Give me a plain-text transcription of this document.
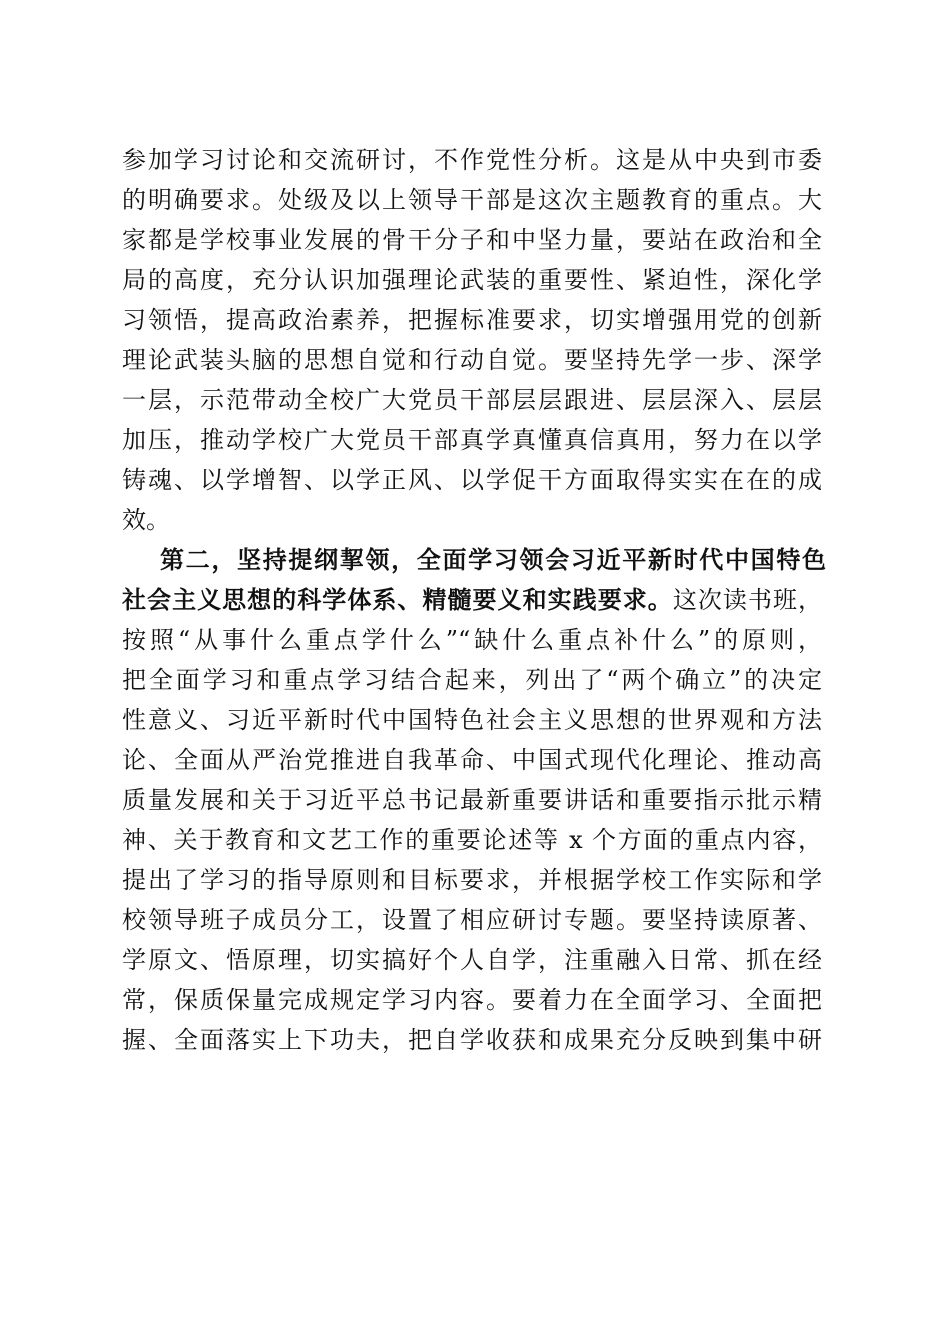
参加学习讨论和交流研讨，不作党性分析。这是从中央到市委
的明确要求。处级及以上领导干部是这次主题教育的重点。大
家都是学校事业发展的骨干分子和中坚力量，要站在政治和全
局的高度，充分认识加强理论武装的重要性、紧迫性，深化学
习领悟，提高政治素养，把握标准要求，切实增强用党的创新
理论武装头脑的思想自觉和行动自觉。要坚持先学一步、深学
一层，示范带动全校广大党员干部层层跟进、层层深入、层层
加压，推动学校广大党员干部真学真懂真信真用，努力在以学
铸魂、以学增智、以学正风、以学促干方面取得实实在在的成
效。
第二，坚持提纲挈领，全面学习领会习近平新时代中国特色
社会主义思想的科学体系、精髓要义和实践要求。这次读书班，
按照“从事什么重点学什么”“缺什么重点补什么”的原则，
把全面学习和重点学习结合起来，列出了“两个确立”的决定
性意义、习近平新时代中国特色社会主义思想的世界观和方法
论、全面从严治党推进自我革命、中国式现代化理论、推动高
质量发展和关于习近平总书记最新重要讲话和重要指示批示精
神、关于教育和文艺工作的重要论述等 x 个方面的重点内容，
提出了学习的指导原则和目标要求，并根据学校工作实际和学
校领导班子成员分工，设置了相应研讨专题。要坚持读原著、
学原文、悟原理，切实搞好个人自学，注重融入日常、抓在经
常，保质保量完成规定学习内容。要着力在全面学习、全面把
握、全面落实上下功夫，把自学收获和成果充分反映到集中研
